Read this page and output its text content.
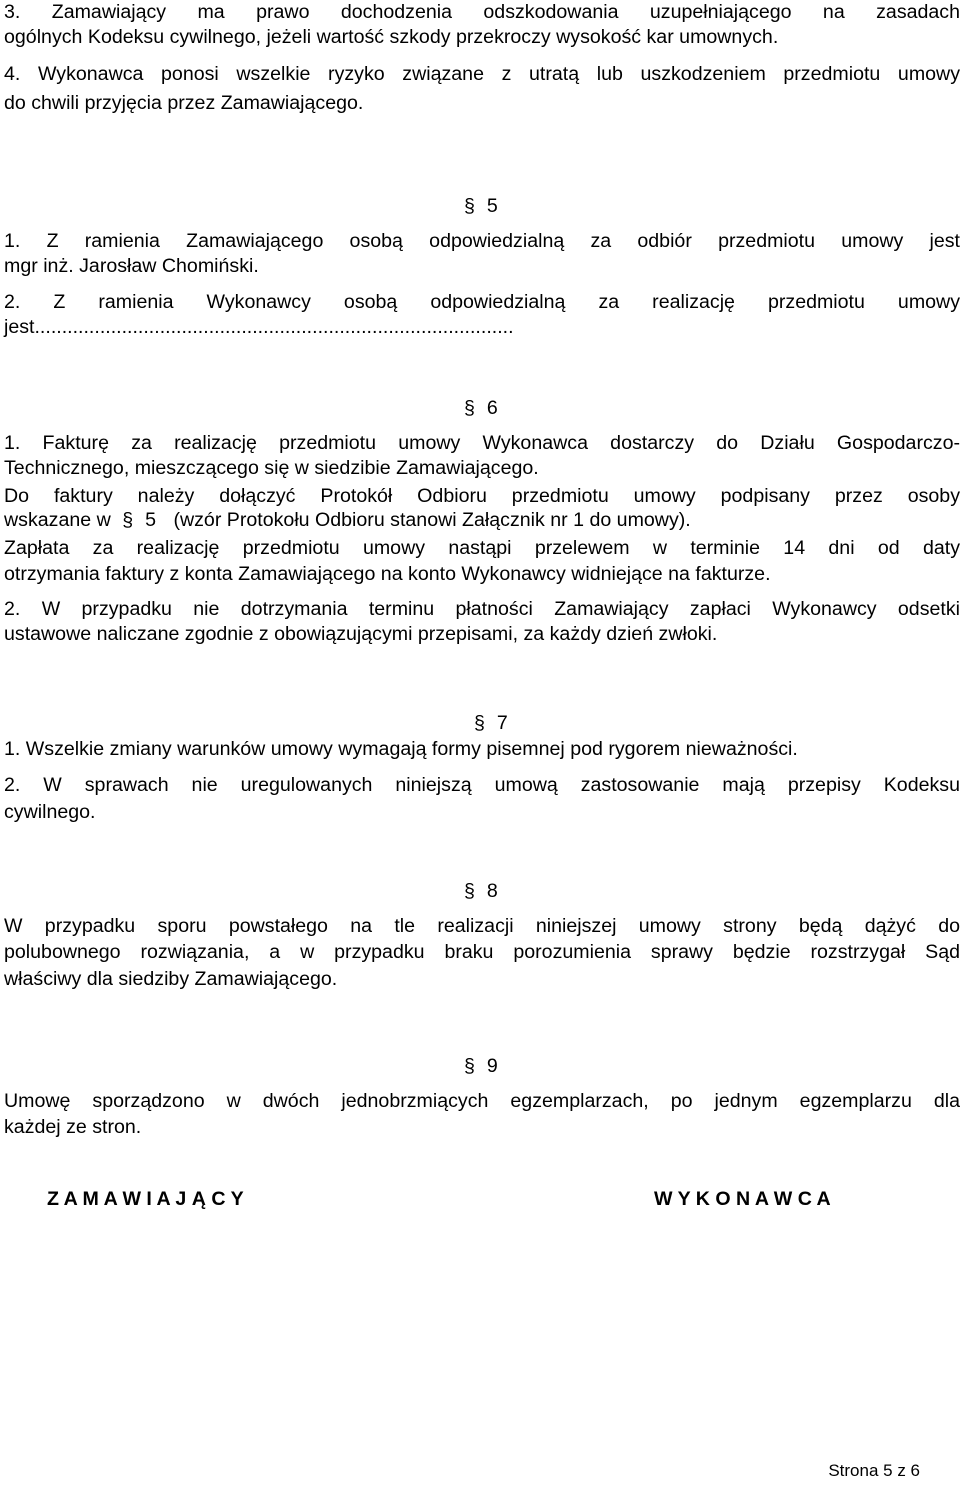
3. Zamawiający ma prawo dochodzenia odszkodowania uzupełniającego na zasadach

ogólnych Kodeksu cywilnego, jeżeli wartość szkody przekroczy wysokość kar umownych.

4. Wykonawca ponosi wszelkie ryzyko związane z utratą lub uszkodzeniem przedmiotu umowy

do chwili przyjęcia przez Zamawiającego.

§ 5

1. Z ramienia Zamawiającego osobą odpowiedzialną za odbiór przedmiotu umowy jest

mgr inż. Jarosław Chomiński.

2. Z ramienia Wykonawcy osobą odpowiedzialną za realizację przedmiotu umowy

jest........................................................................................

§ 6

1. Fakturę za realizację przedmiotu umowy Wykonawca dostarczy do Działu Gospodarczo-

Technicznego, mieszczącego się w siedzibie Zamawiającego.

Do faktury należy dołączyć Protokół Odbioru przedmiotu umowy podpisany przez osoby

wskazane w § 5 (wzór Protokołu Odbioru stanowi Załącznik nr 1 do umowy).

Zapłata za realizację przedmiotu umowy nastąpi przelewem w terminie 14 dni od daty

otrzymania faktury z konta Zamawiającego na konto Wykonawcy widniejące na fakturze.

2. W przypadku nie dotrzymania terminu płatności Zamawiający zapłaci Wykonawcy odsetki

ustawowe naliczane zgodnie z obowiązującymi przepisami, za każdy dzień zwłoki.

§ 7

1. Wszelkie zmiany warunków umowy wymagają formy pisemnej pod rygorem nieważności.

2. W sprawach nie uregulowanych niniejszą umową zastosowanie mają przepisy Kodeksu

cywilnego.

§ 8

W przypadku sporu powstałego na tle realizacji niniejszej umowy strony będą dążyć do

polubownego rozwiązania, a w przypadku braku porozumienia sprawy będzie rozstrzygał Sąd

właściwy dla siedziby Zamawiającego.

§ 9

Umowę sporządzono w dwóch jednobrzmiących egzemplarzach, po jednym egzemplarzu dla

każdej ze stron.

Z A M A W I A J Ą C Y	W Y K O N A W C A
Strona 5 z 6
